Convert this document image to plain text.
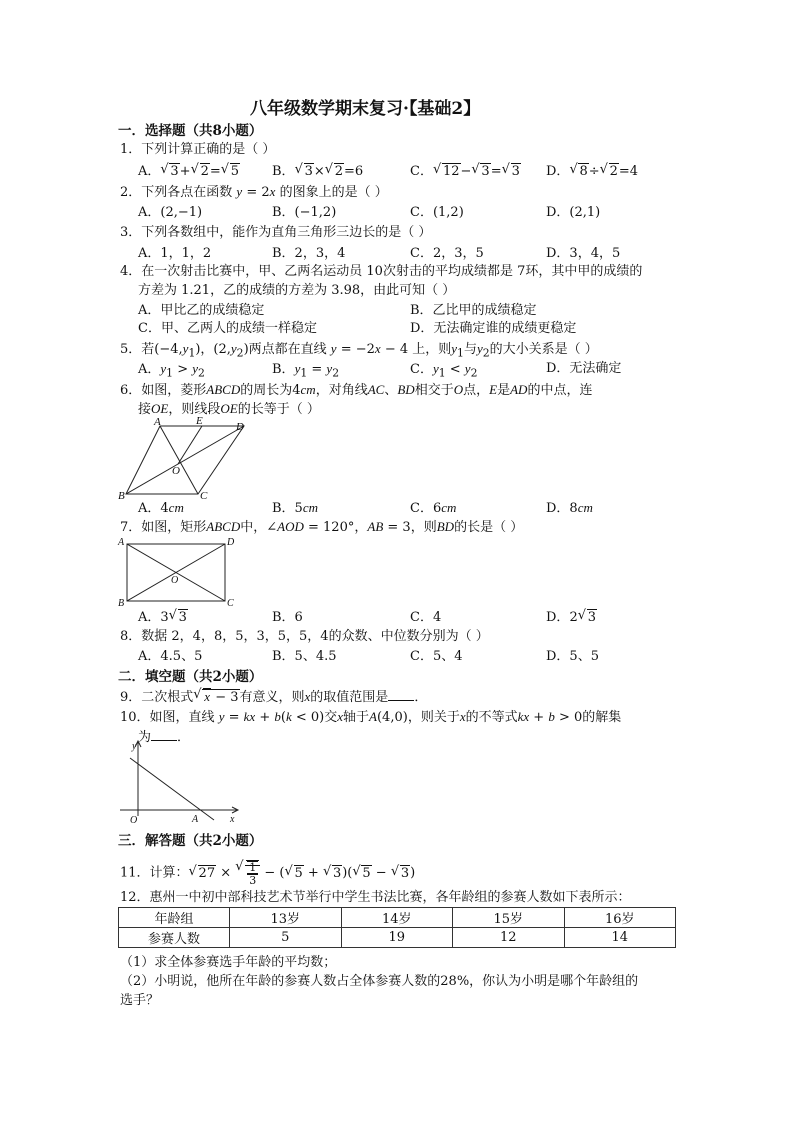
八年级数学期末复习·【基础2】
一．选择题（共8小题）
1．下列计算正确的是（ ）
A． √ 3+ √ 2= √ 5	B． √ 3× √ 2=6	C． √ 12− √ 3= √ 3 D． √ 8÷ √ 2=4
2．下列各点在函数 y = 2x 的图象上的是（ ）
A．(2,−1)	B．(−1,2)	C．(1,2)	D．(2,1)
3．下列各数组中，能作为直角三角形三边长的是（ ）
A．1，1，2	B．2，3，4	C．2，3，5	D．3，4，5
4．在一次射击比赛中，甲、乙两名运动员 10次射击的平均成绩都是 7环，其中甲的成绩的
方差为 1.21，乙的成绩的方差为 3.98，由此可知（ ）
A．甲比乙的成绩稳定	B．乙比甲的成绩稳定
C．甲、乙两人的成绩一样稳定	D．无法确定谁的成绩更稳定
5．若$(-4,y_1)$，$(2,y_2)$两点都在直线 y = −2x − 4 上，则$y_1$与$y_2$的大小关系是（ ）
A．$y_1 > y_2$	B．$y_1 = y_2$	C．$y_1 < y_2$	D．无法确定
6．如图，菱形ABCD的周长为4cm，对角线AC、BD相交于O点，E是AD的中点，连
接OE，则线段OE的长等于（ ）
A	E	D
O
B	C
A．4cm	B．5cm	C．6cm	D．8cm
7．如图，矩形ABCD中，∠AOD = 120°，AB = 3，则BD的长是（ ）
A	D
O
B	C
A．3 √ 3	B．6	C．4	D．2 √ 3
8．数据 2，4，8，5，3，5，5，4的众数、中位数分别为（ ）
A．4.5、5	B．5、4.5	C．5、4	D．5、5
二．填空题（共2小题）
9．二次根式 √ x − 3有意义，则x的取值范围是 ．
10．如图，直线 y = kx + b(k < 0)交x轴于A(4,0)，则关于x的不等式kx + b > 0的解集
为 ．
y
O	A	x
三．解答题（共2小题）
11．计算： √ 27 × √ $\frac{1}{3}$ − ( √ 5 + √ 3)( √ 5 − √ 3)
12．惠州一中初中部科技艺术节举行中学生书法比赛，各年龄组的参赛人数如下表所示：
年龄组	13岁	14岁	15岁	16岁
参赛人数	5	19	12	14
（1）求全体参赛选手年龄的平均数；
（2）小明说，他所在年龄的参赛人数占全体参赛人数的28%，你认为小明是哪个年龄组的
选手？
